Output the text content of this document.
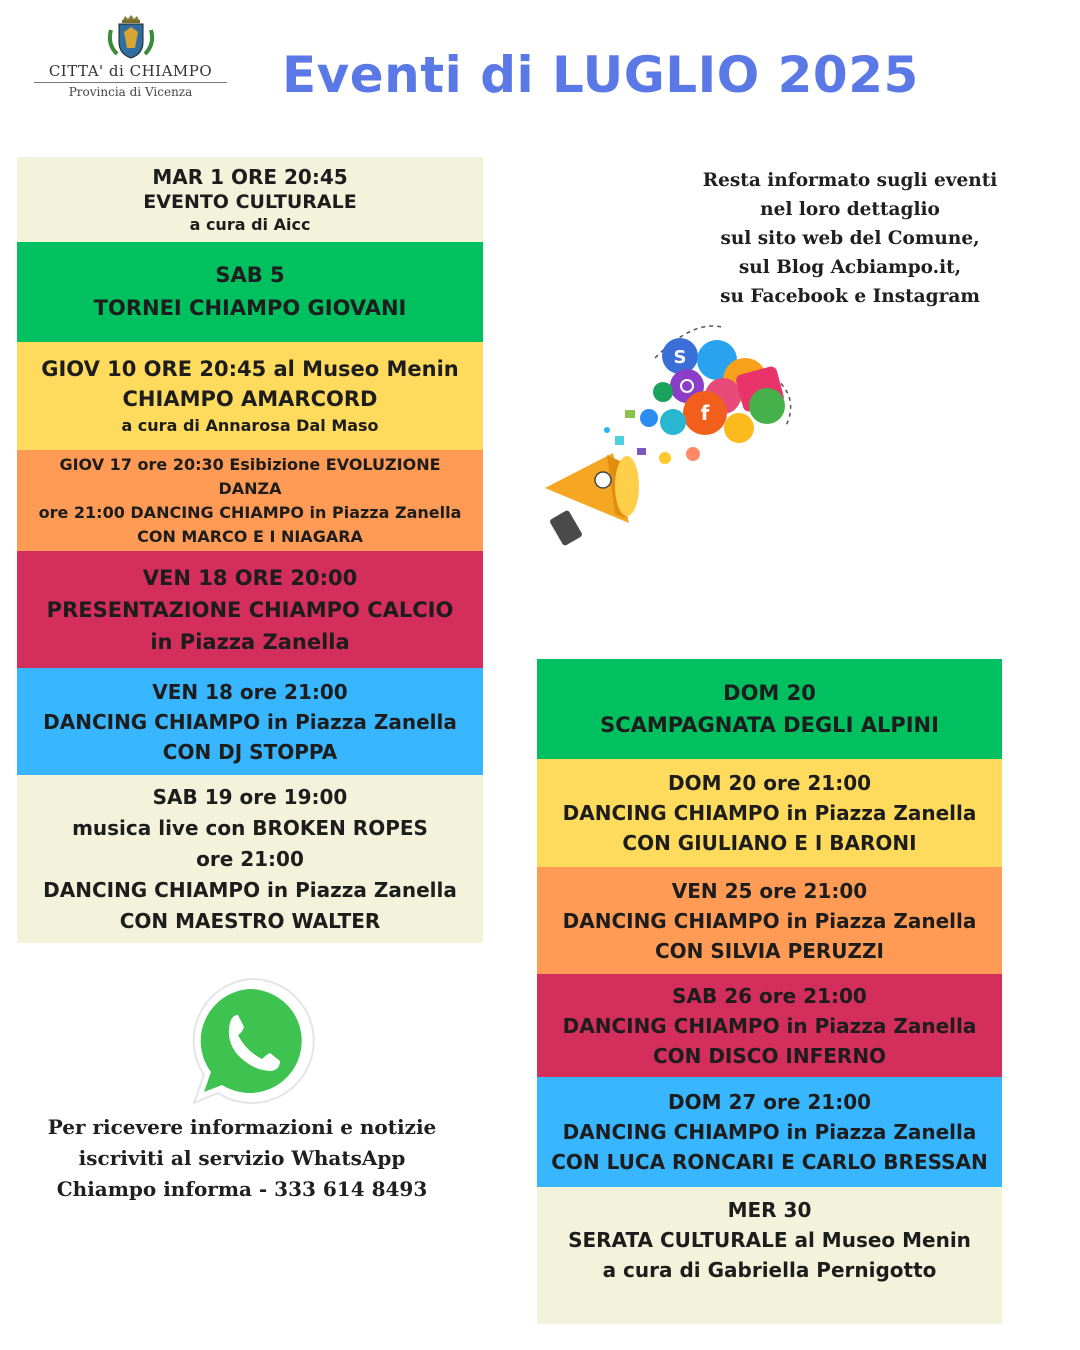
CITTA' di CHIAMPO
Provincia di Vicenza	Eventi di LUGLIO 2025
MAR 1 ORE 20:45
EVENTO CULTURALE
a cura di Aicc
SAB 5
TORNEI CHIAMPO GIOVANI
GIOV 10 ORE 20:45 al Museo Menin
CHIAMPO AMARCORD
a cura di Annarosa Dal Maso
GIOV 17 ore 20:30 Esibizione EVOLUZIONE
DANZA
ore 21:00 DANCING CHIAMPO in Piazza Zanella
CON MARCO E I NIAGARA
VEN 18 ORE 20:00
PRESENTAZIONE CHIAMPO CALCIO
in Piazza Zanella
VEN 18 ore 21:00
DANCING CHIAMPO in Piazza Zanella
CON DJ STOPPA
SAB 19 ore 19:00
musica live con BROKEN ROPES
ore 21:00
DANCING CHIAMPO in Piazza Zanella
CON MAESTRO WALTER
Resta informato sugli eventi
nel loro dettaglio
sul sito web del Comune,
sul Blog Acbiampo.it,
su Facebook e Instagram
S
f
Per ricevere informazioni e notizie
iscriviti al servizio WhatsApp
Chiampo informa - 333 614 8493
DOM 20
SCAMPAGNATA DEGLI ALPINI
DOM 20 ore 21:00
DANCING CHIAMPO in Piazza Zanella
CON GIULIANO E I BARONI
VEN 25 ore 21:00
DANCING CHIAMPO in Piazza Zanella
CON SILVIA PERUZZI
SAB 26 ore 21:00
DANCING CHIAMPO in Piazza Zanella
CON DISCO INFERNO
DOM 27 ore 21:00
DANCING CHIAMPO in Piazza Zanella
CON LUCA RONCARI E CARLO BRESSAN
MER 30
SERATA CULTURALE al Museo Menin
a cura di Gabriella Pernigotto
